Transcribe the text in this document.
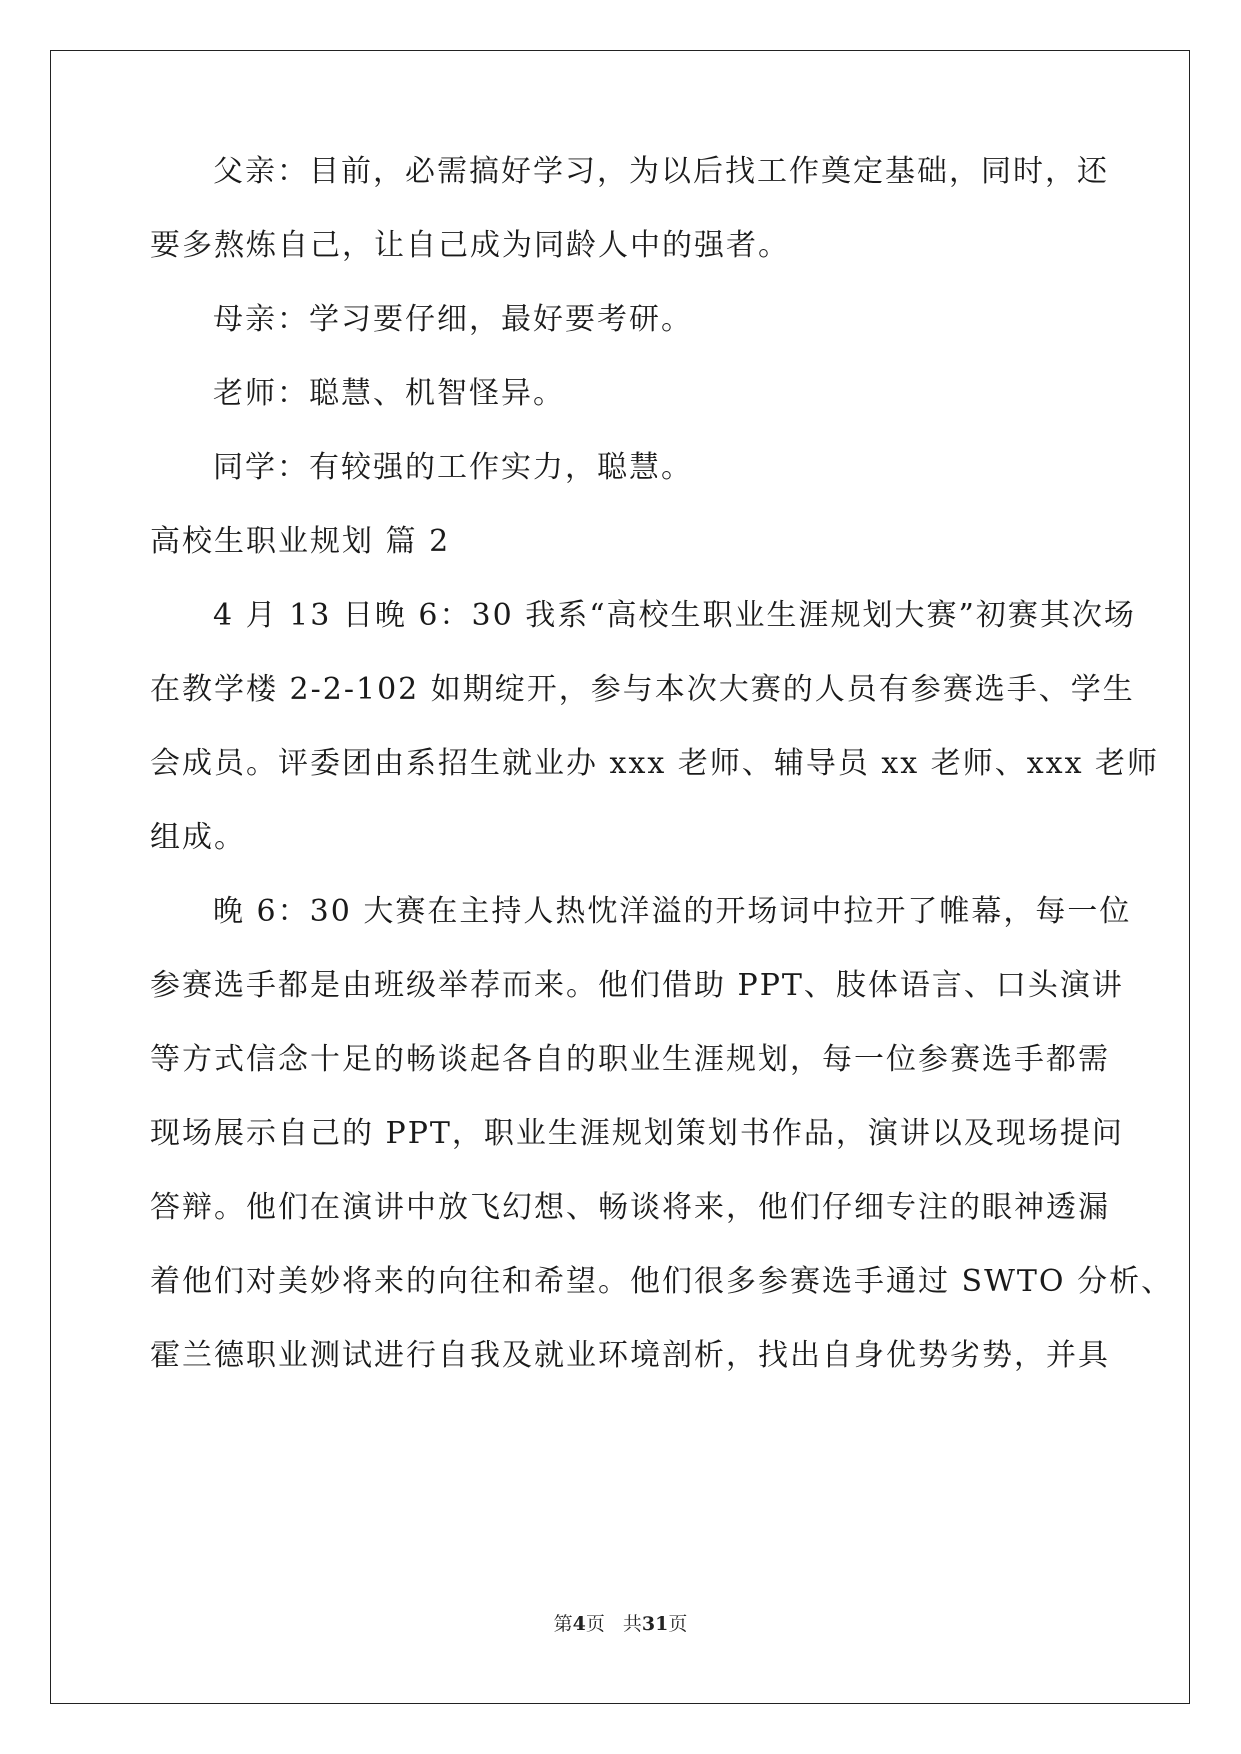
父亲：目前，必需搞好学习，为以后找工作奠定基础，同时，还
要多熬炼自己，让自己成为同龄人中的强者。
母亲：学习要仔细，最好要考研。
老师：聪慧、机智怪异。
同学：有较强的工作实力，聪慧。
高校生职业规划 篇 2
4 月 13 日晚 6：30 我系“高校生职业生涯规划大赛”初赛其次场
在教学楼 2-2-102 如期绽开，参与本次大赛的人员有参赛选手、学生
会成员。评委团由系招生就业办 xxx 老师、辅导员 xx 老师、xxx 老师
组成。
晚 6：30 大赛在主持人热忱洋溢的开场词中拉开了帷幕，每一位
参赛选手都是由班级举荐而来。他们借助 PPT、肢体语言、口头演讲
等方式信念十足的畅谈起各自的职业生涯规划，每一位参赛选手都需
现场展示自己的 PPT，职业生涯规划策划书作品，演讲以及现场提问
答辩。他们在演讲中放飞幻想、畅谈将来，他们仔细专注的眼神透漏
着他们对美妙将来的向往和希望。他们很多参赛选手通过 SWTO 分析、
霍兰德职业测试进行自我及就业环境剖析，找出自身优势劣势，并具
第4页 共31页
